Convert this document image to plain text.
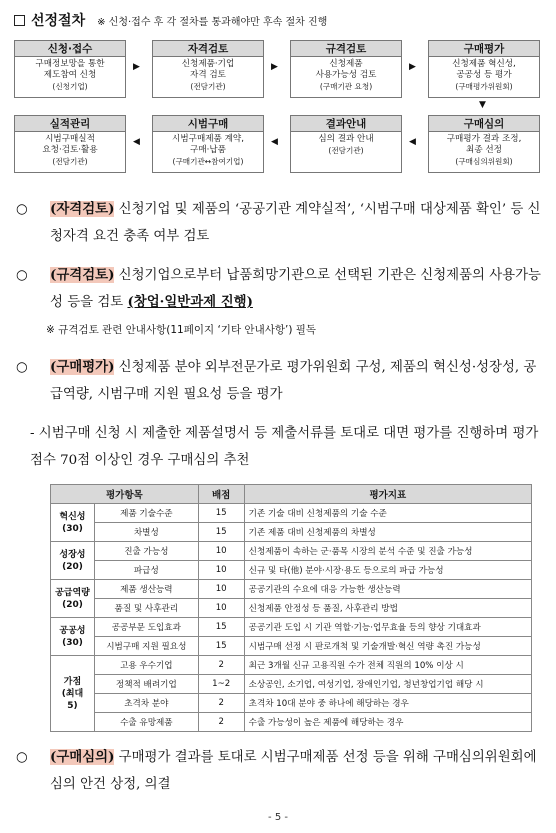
선정절차 ※ 신청·접수 후 각 절차를 통과해야만 후속 절차 진행
신청·접수
구매정보망을 통한
제도참여 신청
(신청기업)
▶
자격검토
신청제품·기업
자격 검토
(전담기관)
▶
규격검토
신청제품
사용가능성 검토
(구매기관 요청)
▶
구매평가
신청제품 혁신성,
공공성 등 평가
(구매평가위원회)
▼
실적관리
시범구매실적
요청·검토·활용
(전담기관)
◀
시범구매
시범구매제품 계약,
구매·납품
(구매기관↔참여기업)
◀
결과안내
심의 결과 안내
(전담기관)
◀
구매심의
구매평가 결과 조정,
최종 선정
(구매심의위원회)
○	(자격검토) 신청기업 및 제품의 ‘공공기관 계약실적’, ‘시범구매 대상제품 확인’ 등 신청자격 요건 충족 여부 검토
○	(규격검토) 신청기업으로부터 납품희망기관으로 선택된 기관은 신청제품의 사용가능성 등을 검토 (창업·일반과제 진행)
※ 규격검토 관련 안내사항(11페이지 ‘기타 안내사항’) 필독
○	(구매평가) 신청제품 분야 외부전문가로 평가위원회 구성, 제품의 혁신성·성장성, 공급역량, 시범구매 지원 필요성 등을 평가
- 시범구매 신청 시 제출한 제품설명서 등 제출서류를 토대로 대면 평가를 진행하며 평가점수 70점 이상인 경우 구매심의 추천
평가항목		배점	평가지표

혁신성
(30)	제품 기술수준	15	기존 기술 대비 신청제품의 기술 수준
	차별성	15	기존 제품 대비 신청제품의 차별성

성장성
(20)	진출 가능성	10	신청제품이 속하는 군·품목 시장의 분석 수준 및 진출 가능성
	파급성	10	신규 및 타(他) 분야·시장·용도 등으로의 파급 가능성

공급역량
(20)	제품 생산능력	10	공공기관의 수요에 대응 가능한 생산능력
	품질 및 사후관리	10	신청제품 안정성 등 품질, 사후관리 방법

공공성
(30)	공공부문 도입효과	15	공공기관 도입 시 기관 역할·기능·업무효율 등의 향상 기대효과
	시범구매 지원 필요성	15	시범구매 선정 시 판로개척 및 기술개발·혁신 역량 촉진 가능성

가점
(최대 5)	고용 우수기업	2	최근 3개월 신규 고용직원 수가 전체 직원의 10% 이상 시
	정책적 배려기업	1~2	소상공인, 소기업, 여성기업, 장애인기업, 청년창업기업 해당 시
	초격차 분야	2	초격차 10대 분야 중 하나에 해당하는 경우
	수출 유망제품	2	수출 가능성이 높은 제품에 해당하는 경우
○	(구매심의) 구매평가 결과를 토대로 시범구매제품 선정 등을 위해 구매심의위원회에 심의 안건 상정, 의결
- 5 -
